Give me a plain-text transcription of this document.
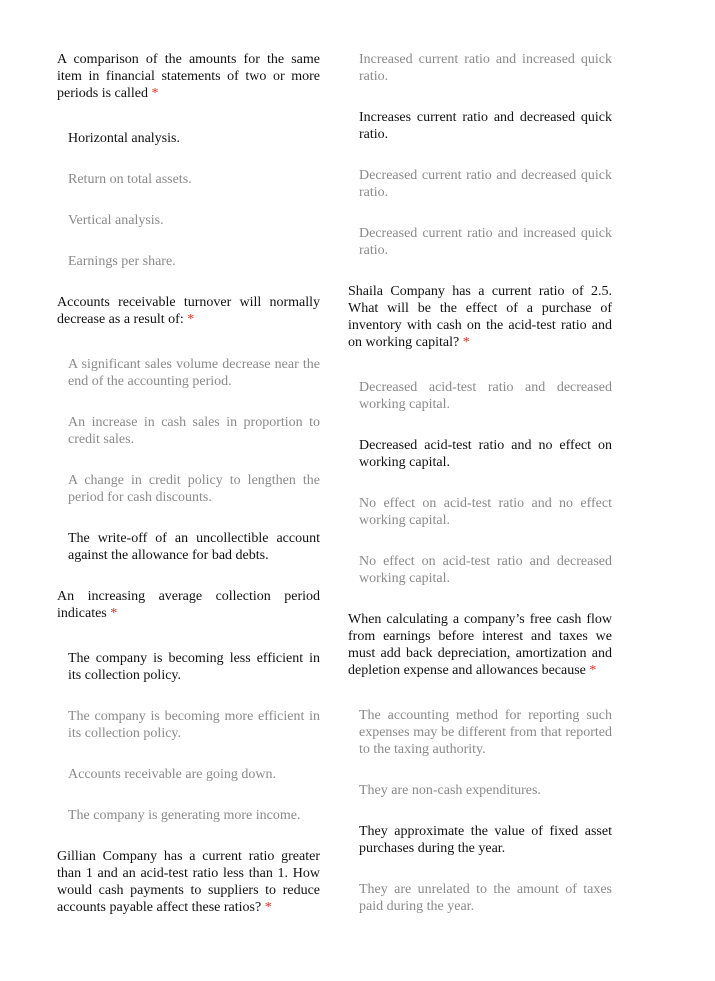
A comparison of the amounts for the same item in financial statements of two or more periods is called *

Horizontal analysis.

Return on total assets.

Vertical analysis.

Earnings per share.

Accounts receivable turnover will normally decrease as a result of: *

A significant sales volume decrease near the end of the accounting period.

An increase in cash sales in proportion to credit sales.

A change in credit policy to lengthen the period for cash discounts.

The write-off of an uncollectible account against the allowance for bad debts.

An increasing average collection period indicates *

The company is becoming less efficient in its collection policy.

The company is becoming more efficient in its collection policy.

Accounts receivable are going down.

The company is generating more income.

Gillian Company has a current ratio greater than 1 and an acid-test ratio less than 1. How would cash payments to suppliers to reduce accounts payable affect these ratios? *

Increased current ratio and increased quick ratio.

Increases current ratio and decreased quick ratio.

Decreased current ratio and decreased quick ratio.

Decreased current ratio and increased quick ratio.

Shaila Company has a current ratio of 2.5. What will be the effect of a purchase of inventory with cash on the acid-test ratio and on working capital? *

Decreased acid-test ratio and decreased working capital.

Decreased acid-test ratio and no effect on working capital.

No effect on acid-test ratio and no effect working capital.

No effect on acid-test ratio and decreased working capital.

When calculating a company’s free cash flow from earnings before interest and taxes we must add back depreciation, amortization and depletion expense and allowances because *

The accounting method for reporting such expenses may be different from that reported to the taxing authority.

They are non-cash expenditures.

They approximate the value of fixed asset purchases during the year.

They are unrelated to the amount of taxes paid during the year.
